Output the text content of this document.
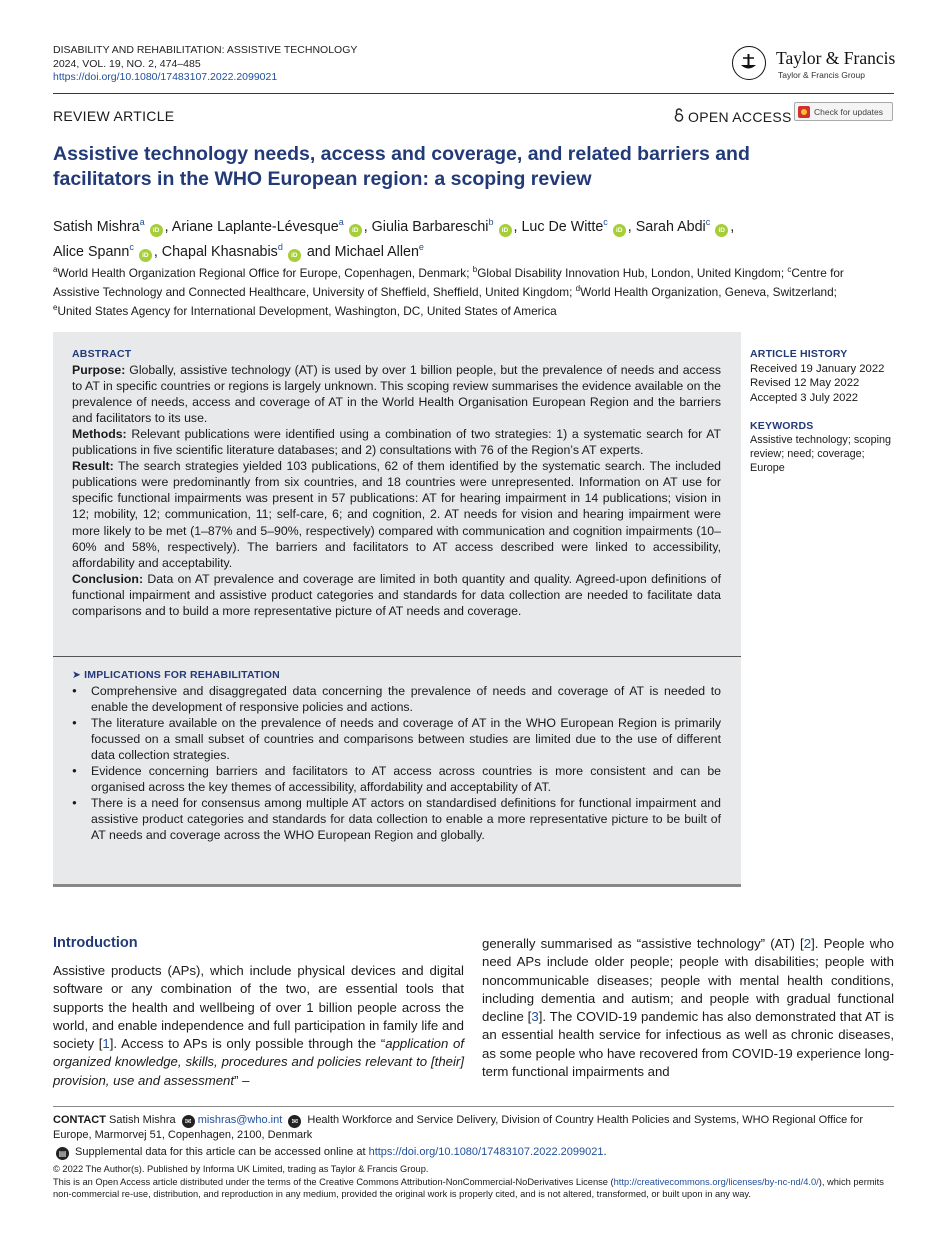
DISABILITY AND REHABILITATION: ASSISTIVE TECHNOLOGY
2024, VOL. 19, NO. 2, 474–485
https://doi.org/10.1080/17483107.2022.2099021
Taylor & Francis
Taylor & Francis Group
REVIEW ARTICLE	OPEN ACCESS	Check for updates
Assistive technology needs, access and coverage, and related barriers and facilitators in the WHO European region: a scoping review
Satish Mishra$^a$iD , Ariane Laplante-Lévesque$^a$iD , Giulia Barbareschi$^b$iD , Luc De Witte$^c$iD , Sarah Abdi$^c$iD ,
Alice Spann$^c$iD , Chapal Khasnabis$^d$iD and Michael Allen$^e$
$^a$World Health Organization Regional Office for Europe, Copenhagen, Denmark; $^b$Global Disability Innovation Hub, London, United Kingdom; $^c$Centre for Assistive Technology and Connected Healthcare, University of Sheffield, Sheffield, United Kingdom; $^d$World Health Organization, Geneva, Switzerland; $^e$United States Agency for International Development, Washington, DC, United States of America
ABSTRACT
Purpose: Globally, assistive technology (AT) is used by over 1 billion people, but the prevalence of needs and access to AT in specific countries or regions is largely unknown. This scoping review summarises the evidence available on the prevalence of needs, access and coverage of AT in the World Health Organisation European Region and the barriers and facilitators to its use.
Methods: Relevant publications were identified using a combination of two strategies: 1) a systematic search for AT publications in five scientific literature databases; and 2) consultations with 76 of the Region’s AT experts.
Result: The search strategies yielded 103 publications, 62 of them identified by the systematic search. The included publications were predominantly from six countries, and 18 countries were unrepresented. Information on AT use for specific functional impairments was present in 57 publications: AT for hearing impairment in 14 publications; vision in 12; mobility, 12; communication, 11; self-care, 6; and cognition, 2. AT needs for vision and hearing impairment were more likely to be met (1–87% and 5–90%, respectively) compared with communication and cognition impairments (10–60% and 58%, respectively). The barriers and facilitators to AT access described were linked to accessibility, affordability and acceptability.
Conclusion: Data on AT prevalence and coverage are limited in both quantity and quality. Agreed-upon definitions of functional impairment and assistive product categories and standards for data collection are needed to facilitate data comparisons and to build a more representative picture of AT needs and coverage.
ARTICLE HISTORY
Received 19 January 2022
Revised 12 May 2022
Accepted 3 July 2022
KEYWORDS
Assistive technology; scoping review; need; coverage; Europe
➤ IMPLICATIONS FOR REHABILITATION
● Comprehensive and disaggregated data concerning the prevalence of needs and coverage of AT is needed to enable the development of responsive policies and actions.
● The literature available on the prevalence of needs and coverage of AT in the WHO European Region is primarily focussed on a small subset of countries and comparisons between studies are limited due to the use of different data collection strategies.
● Evidence concerning barriers and facilitators to AT access across countries is more consistent and can be organised across the key themes of accessibility, affordability and acceptability of AT.
● There is a need for consensus among multiple AT actors on standardised definitions for functional impairment and assistive product categories and standards for data collection to enable a more representative picture to be built of AT needs and coverage across the WHO European Region and globally.
Introduction
Assistive products (APs), which include physical devices and digital software or any combination of the two, are essential tools that supports the health and wellbeing of over 1 billion people across the world, and enable independence and full participation in family life and society [1]. Access to APs is only possible through the “application of organized knowledge, skills, procedures and policies relevant to [their] provision, use and assessment” –
generally summarised as “assistive technology” (AT) [2]. People who need APs include older people; people with disabilities; people with noncommunicable diseases; people with mental health conditions, including dementia and autism; and people with gradual functional decline [3]. The COVID-19 pandemic has also demonstrated that AT is an essential health service for infectious as well as chronic diseases, as some people who have recovered from COVID-19 experience long-term functional impairments and
CONTACT Satish Mishra ✉ mishras@who.int ✉ Health Workforce and Service Delivery, Division of Country Health Policies and Systems, WHO Regional Office for Europe, Marmorvej 51, Copenhagen, 2100, Denmark
▤ Supplemental data for this article can be accessed online at https://doi.org/10.1080/17483107.2022.2099021.
© 2022 The Author(s). Published by Informa UK Limited, trading as Taylor & Francis Group.
This is an Open Access article distributed under the terms of the Creative Commons Attribution-NonCommercial-NoDerivatives License (http://creativecommons.org/licenses/by-nc-nd/4.0/), which permits non-commercial re-use, distribution, and reproduction in any medium, provided the original work is properly cited, and is not altered, transformed, or built upon in any way.
